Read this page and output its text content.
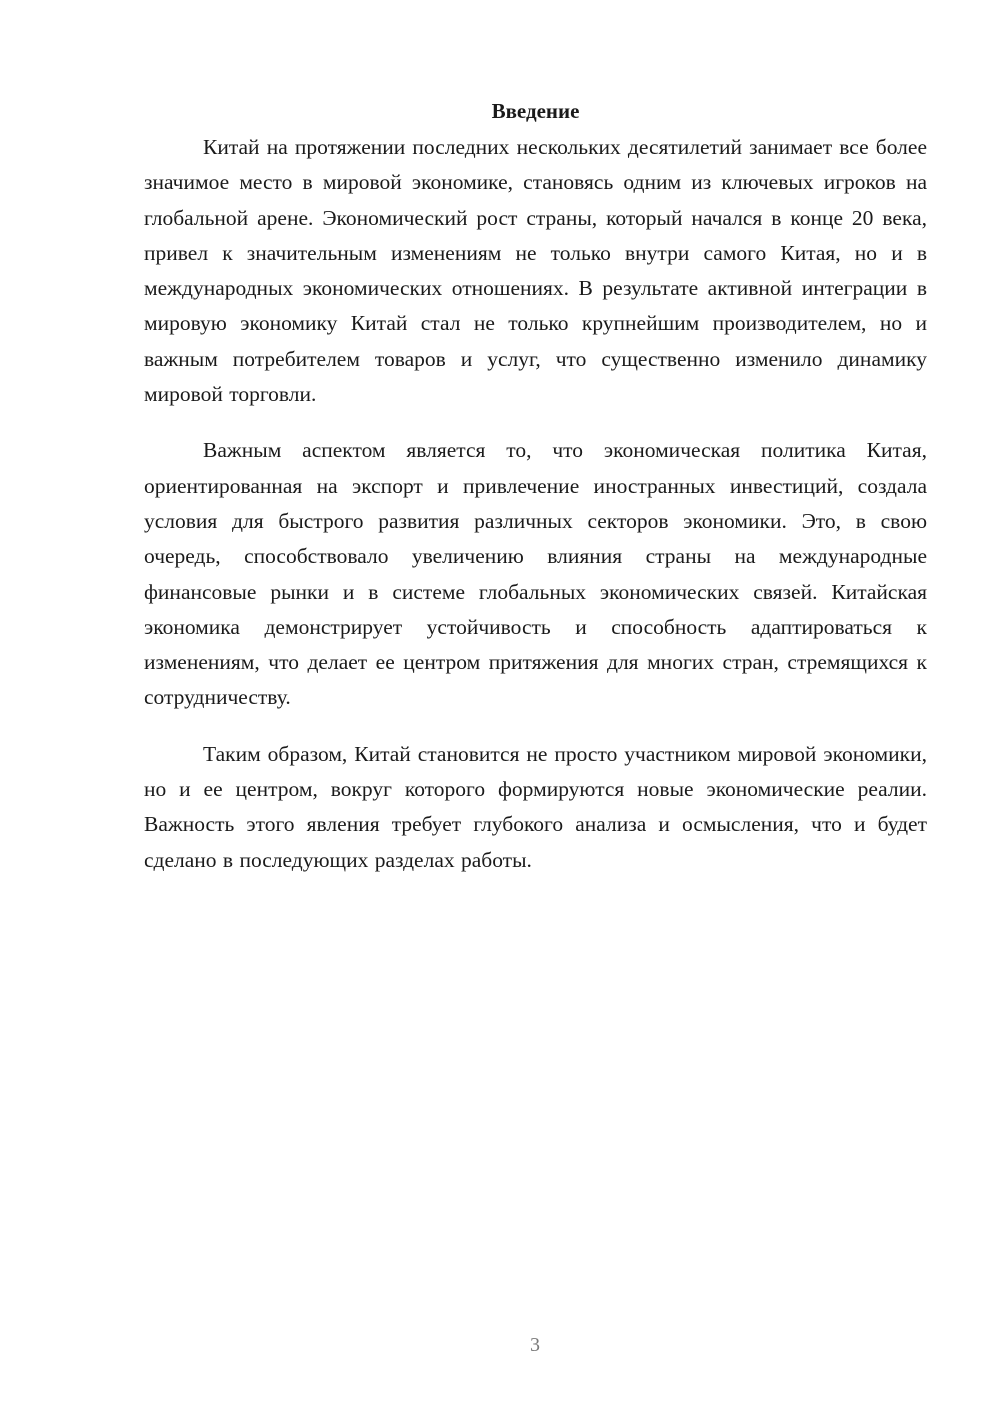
Введение

Китай на протяжении последних нескольких десятилетий занимает все более значимое место в мировой экономике, становясь одним из ключевых игроков на глобальной арене. Экономический рост страны, который начался в конце 20 века, привел к значительным изменениям не только внутри самого Китая, но и в международных экономических отношениях. В результате активной интеграции в мировую экономику Китай стал не только крупнейшим производителем, но и важным потребителем товаров и услуг, что существенно изменило динамику мировой торговли.

Важным аспектом является то, что экономическая политика Китая, ориентированная на экспорт и привлечение иностранных инвестиций, создала условия для быстрого развития различных секторов экономики. Это, в свою очередь, способствовало увеличению влияния страны на международные финансовые рынки и в системе глобальных экономических связей. Китайская экономика демонстрирует устойчивость и способность адаптироваться к изменениям, что делает ее центром притяжения для многих стран, стремящихся к сотрудничеству.

Таким образом, Китай становится не просто участником мировой экономики, но и ее центром, вокруг которого формируются новые экономические реалии. Важность этого явления требует глубокого анализа и осмысления, что и будет сделано в последующих разделах работы.

3
